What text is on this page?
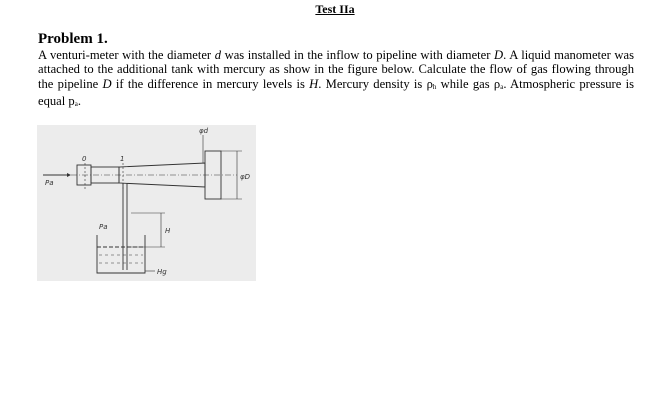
Test IIa
Problem 1.
A venturi-meter with the diameter d was installed in the inflow to pipeline with diameter D. A liquid manometer was attached to the additional tank with mercury as show in the figure below. Calculate the flow of gas flowing through the pipeline D if the difference in mercury levels is H. Mercury density is $\rho_h$ while gas $\rho_a$. Atmospheric pressure is equal $p_a$.
Pa
0	1
φd
φD
Pa	H
Hg
